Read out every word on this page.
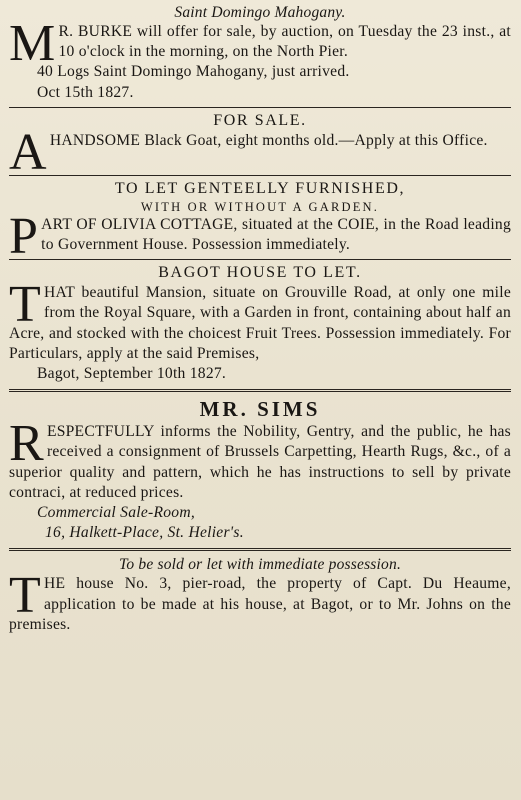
Saint Domingo Mahogany.
M R. BURKE will offer for sale, by auction, on Tuesday the 23 inst., at 10 o'clock in the morning, on the North Pier.
40 Logs Saint Domingo Mahogany, just arrived.
Oct 15th 1827.
FOR SALE.
A HANDSOME Black Goat, eight months old.—Apply at this Office.
TO LET GENTEELLY FURNISHED,
WITH OR WITHOUT A GARDEN.
P ART OF OLIVIA COTTAGE, situated at the COIE, in the Road leading to Government House. Possession immediately.
BAGOT HOUSE TO LET.
T HAT beautiful Mansion, situate on Grouville Road, at only one mile from the Royal Square, with a Garden in front, containing about half an Acre, and stocked with the choicest Fruit Trees. Possession immediately. For Particulars, apply at the said Premises,
Bagot, September 10th 1827.
MR. SIMS
R ESPECTFULLY informs the Nobility, Gentry, and the public, he has received a consignment of Brussels Carpetting, Hearth Rugs, &c., of a superior quality and pattern, which he has instructions to sell by private contraci, at reduced prices.
Commercial Sale-Room,
16, Halkett-Place, St. Helier's.
To be sold or let with immediate possession.
T HE house No. 3, pier-road, the property of Capt. Du Heaume, application to be made at his house, at Bagot, or to Mr. Johns on the premises.
